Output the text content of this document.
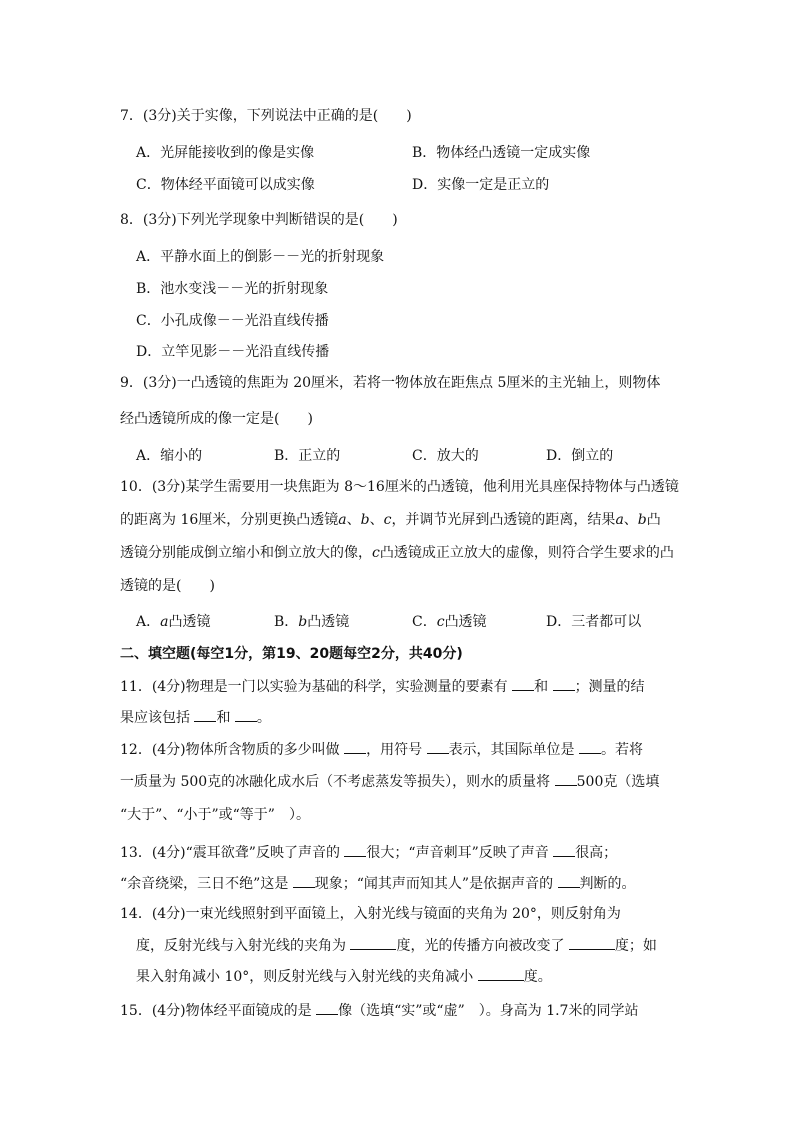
7．(3分)关于实像，下列说法中正确的是(　　)
A．光屏能接收到的像是实像	B．物体经凸透镜一定成实像
C．物体经平面镜可以成实像	D．实像一定是正立的
8．(3分)下列光学现象中判断错误的是(　　)
A．平静水面上的倒影－－光的折射现象
B．池水变浅－－光的折射现象
C．小孔成像－－光沿直线传播
D．立竿见影－－光沿直线传播
9．(3分)一凸透镜的焦距为 20厘米，若将一物体放在距焦点 5厘米的主光轴上，则物体
经凸透镜所成的像一定是(　　)
A．缩小的	B．正立的	C．放大的	D．倒立的
10．(3分)某学生需要用一块焦距为 8～16厘米的凸透镜，他利用光具座保持物体与凸透镜
的距离为 16厘米，分别更换凸透镜a、b、c，并调节光屏到凸透镜的距离，结果a、b凸
透镜分别能成倒立缩小和倒立放大的像，c凸透镜成正立放大的虚像，则符合学生要求的凸
透镜的是(　　)
A．a凸透镜	B．b凸透镜	C．c凸透镜	D．三者都可以
二、填空题(每空1分，第19、20题每空2分，共40分)
11．(4分)物理是一门以实验为基础的科学，实验测量的要素有 和 ；测量的结
果应该包括 和 。
12．(4分)物体所含物质的多少叫做 ，用符号 表示，其国际单位是 。若将
一质量为 500克的冰融化成水后（不考虑蒸发等损失），则水的质量将 500克（选填
“大于”、“小于”或“等于”　）。
13．(4分)“震耳欲聋”反映了声音的 很大；“声音刺耳”反映了声音 很高；
“余音绕梁，三日不绝”这是 现象；“闻其声而知其人”是依据声音的 判断的。
14．(4分)一束光线照射到平面镜上，入射光线与镜面的夹角为 20°，则反射角为
度，反射光线与入射光线的夹角为	度，光的传播方向被改变了	度；如
果入射角减小 10°，则反射光线与入射光线的夹角减小	度。
15．(4分)物体经平面镜成的是 像（选填“实”或“虚”　）。身高为 1.7米的同学站
